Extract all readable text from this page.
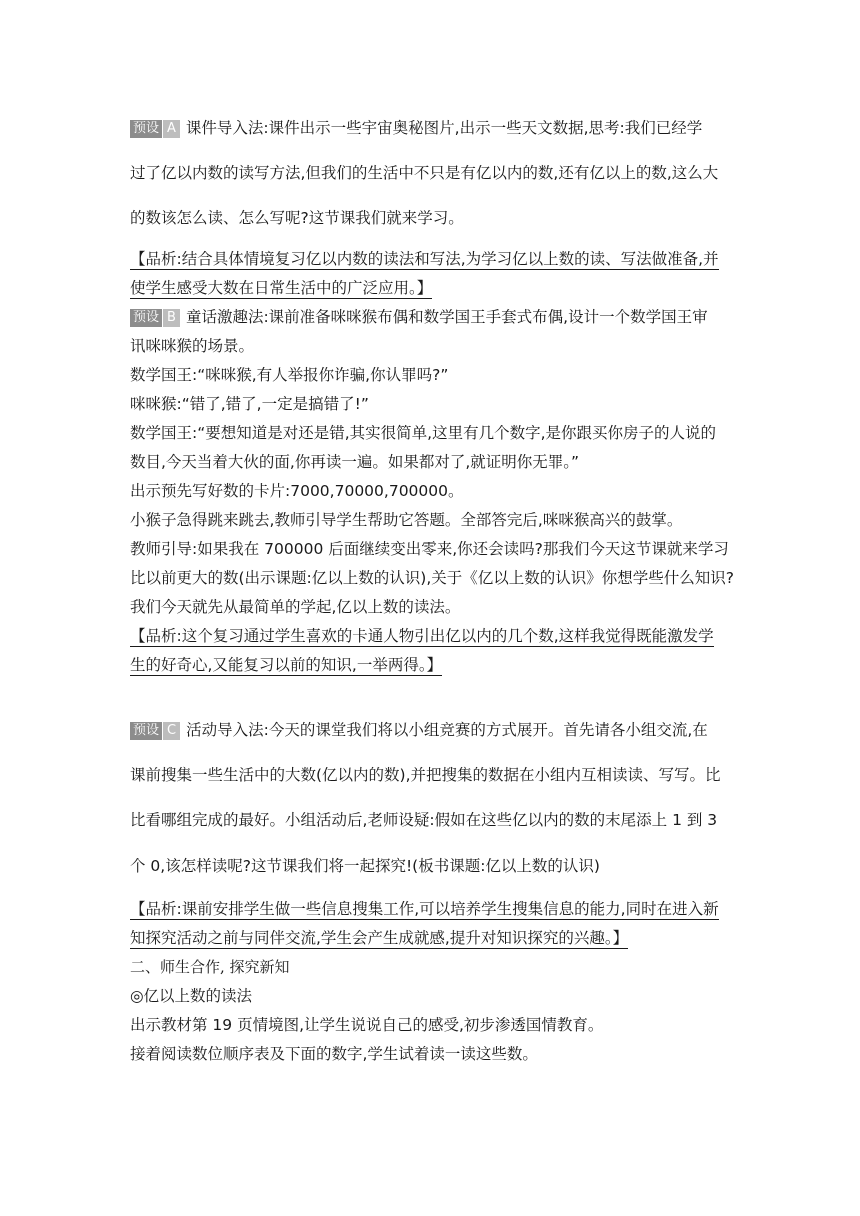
预设 A 课件导入法:课件出示一些宇宙奥秘图片,出示一些天文数据,思考:我们已经学
过了亿以内数的读写方法,但我们的生活中不只是有亿以内的数,还有亿以上的数,这么大
的数该怎么读、怎么写呢?这节课我们就来学习。
【品析:结合具体情境复习亿以内数的读法和写法,为学习亿以上数的读、写法做准备,并
使学生感受大数在日常生活中的广泛应用。】
预设 B 童话激趣法:课前准备咪咪猴布偶和数学国王手套式布偶,设计一个数学国王审
讯咪咪猴的场景。
数学国王:“咪咪猴,有人举报你诈骗,你认罪吗?”
咪咪猴:“错了,错了,一定是搞错了!”
数学国王:“要想知道是对还是错,其实很简单,这里有几个数字,是你跟买你房子的人说的
数目,今天当着大伙的面,你再读一遍。如果都对了,就证明你无罪。”
出示预先写好数的卡片:7000,70000,700000。
小猴子急得跳来跳去,教师引导学生帮助它答题。全部答完后,咪咪猴高兴的鼓掌。
教师引导:如果我在 700000 后面继续变出零来,你还会读吗?那我们今天这节课就来学习
比以前更大的数(出示课题:亿以上数的认识),关于《亿以上数的认识》你想学些什么知识?
我们今天就先从最简单的学起,亿以上数的读法。
【品析:这个复习通过学生喜欢的卡通人物引出亿以内的几个数,这样我觉得既能激发学
生的好奇心,又能复习以前的知识,一举两得。】
预设 C 活动导入法:今天的课堂我们将以小组竞赛的方式展开。首先请各小组交流,在
课前搜集一些生活中的大数(亿以内的数),并把搜集的数据在小组内互相读读、写写。比
比看哪组完成的最好。小组活动后,老师设疑:假如在这些亿以内的数的末尾添上 1 到 3
个 0,该怎样读呢?这节课我们将一起探究!(板书课题:亿以上数的认识)
【品析:课前安排学生做一些信息搜集工作,可以培养学生搜集信息的能力,同时在进入新
知探究活动之前与同伴交流,学生会产生成就感,提升对知识探究的兴趣。】
二、师生合作, 探究新知
◎亿以上数的读法
出示教材第 19 页情境图,让学生说说自己的感受,初步渗透国情教育。
接着阅读数位顺序表及下面的数字,学生试着读一读这些数。
